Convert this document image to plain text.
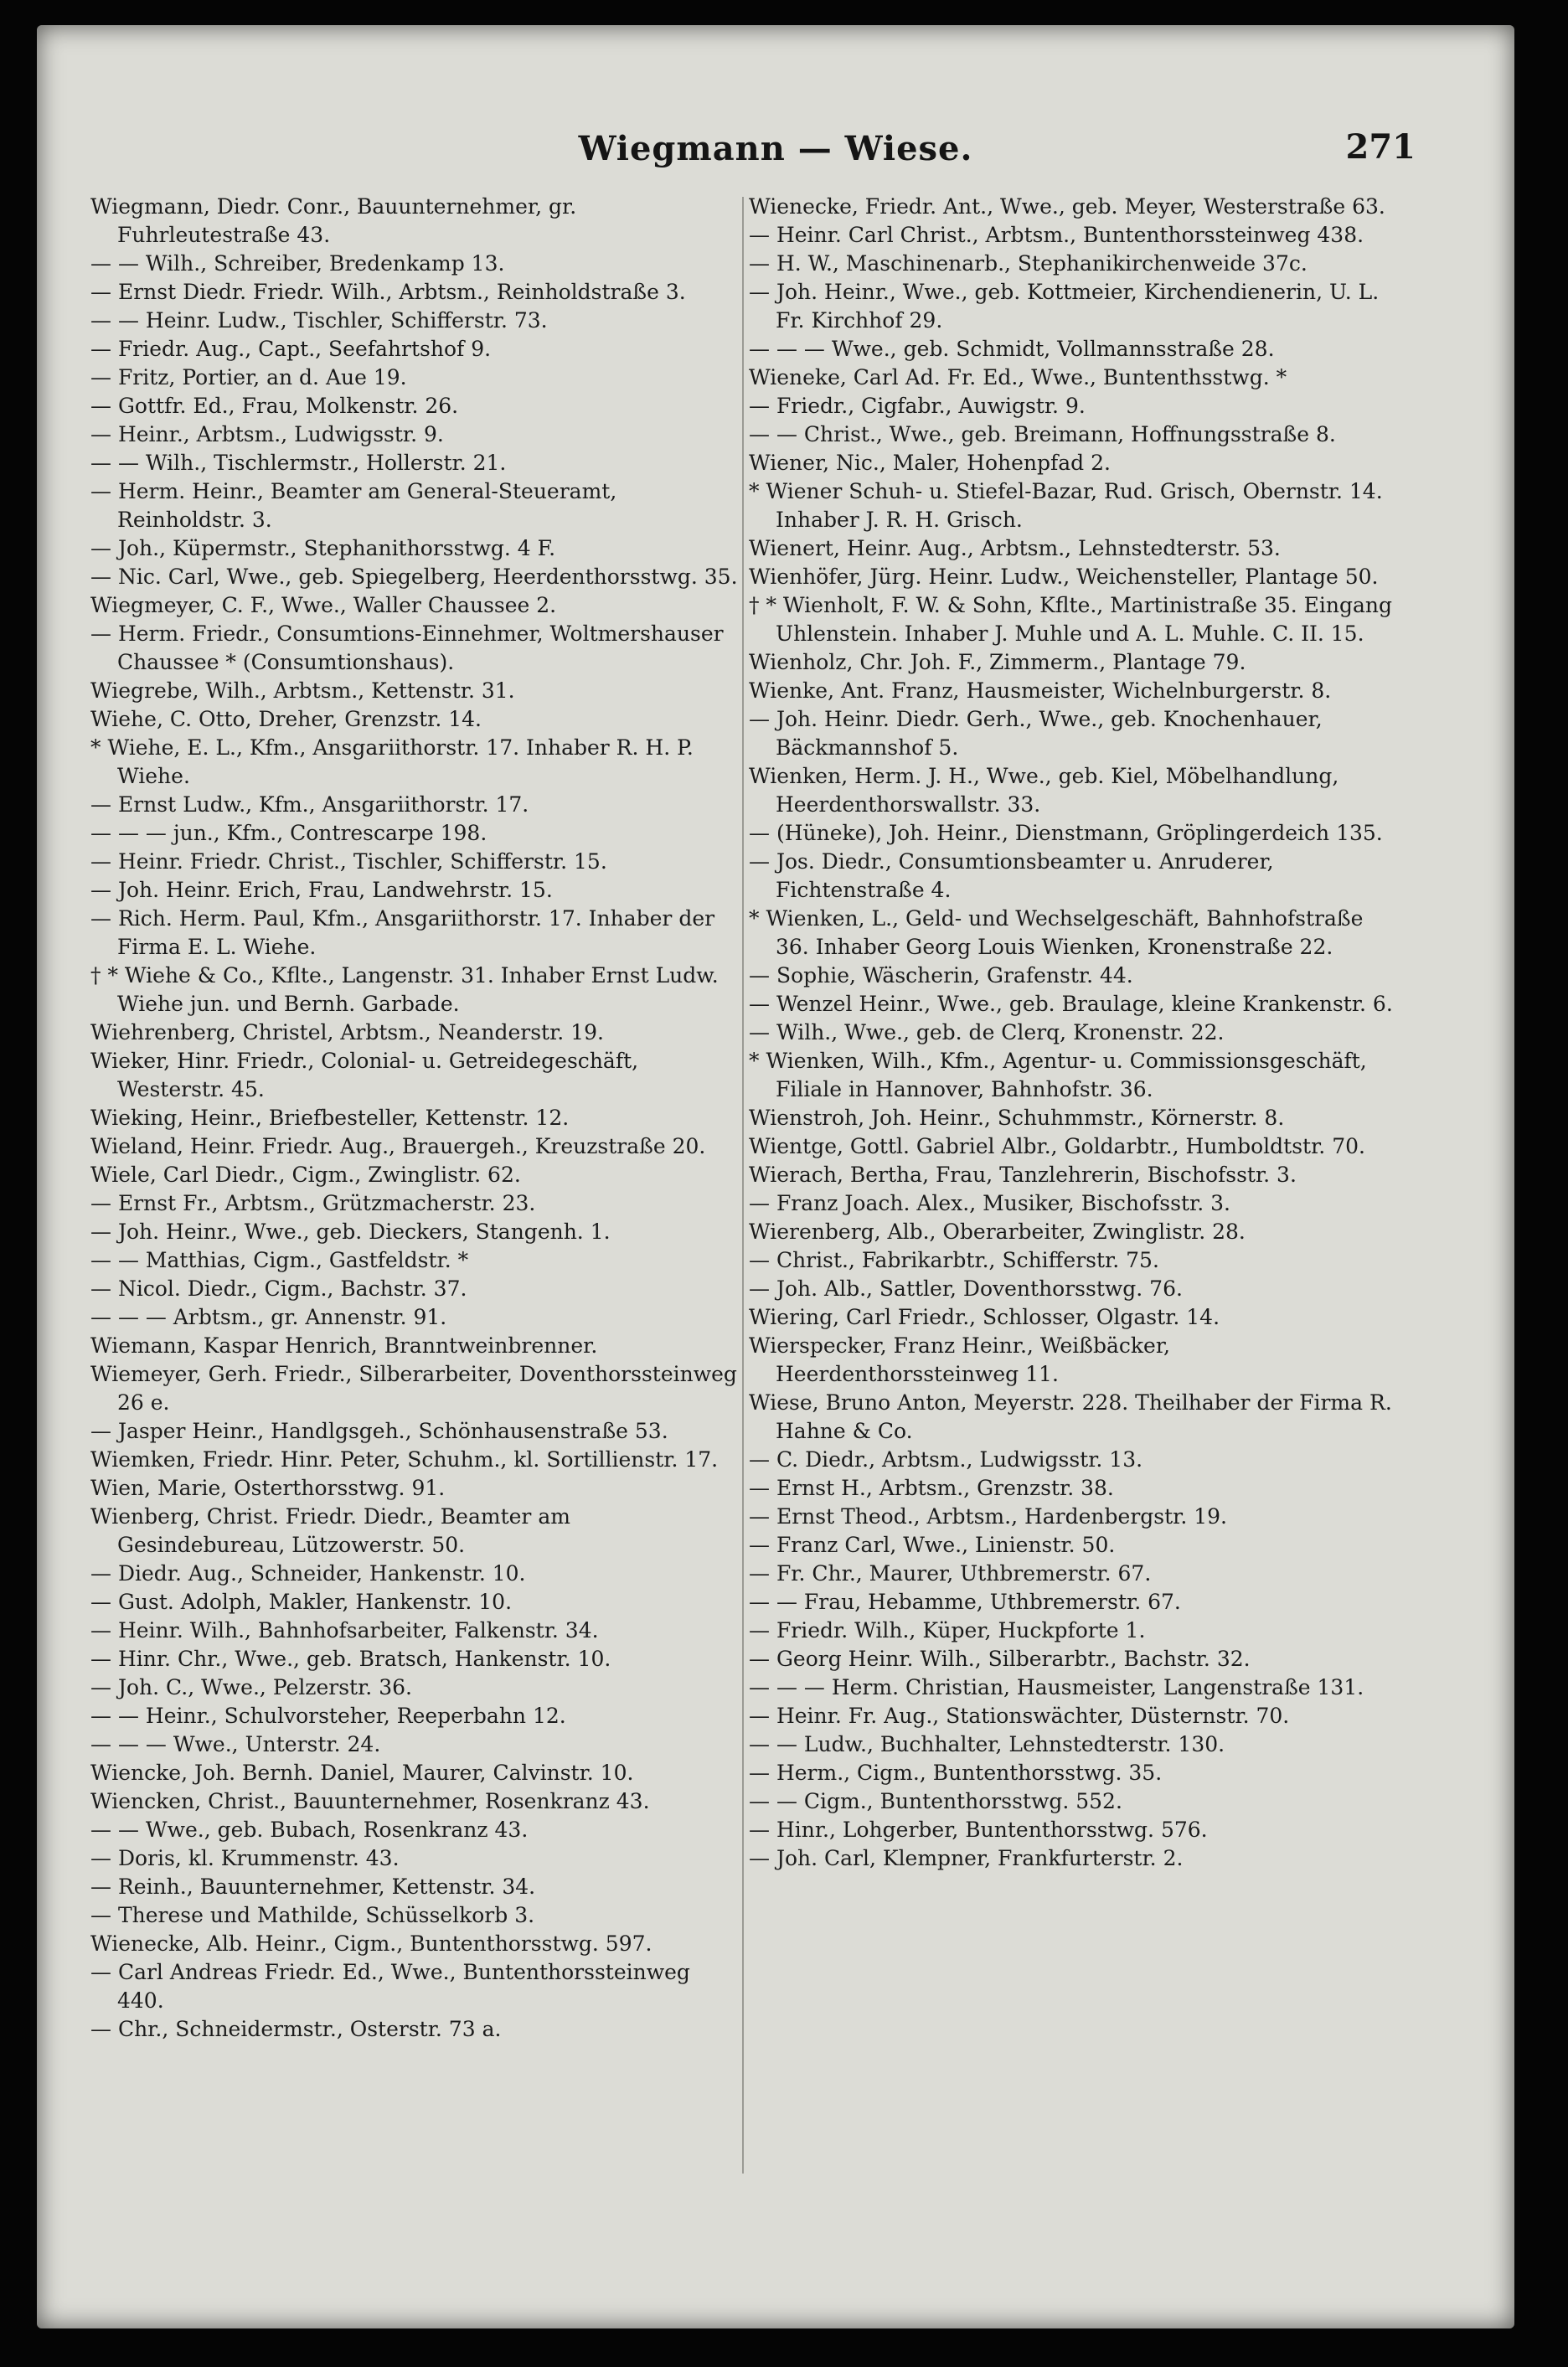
Wiegmann — Wiese.	271
Wiegmann, Diedr. Conr., Bauunternehmer, gr. Fuhrleutestraße 43.
— — Wilh., Schreiber, Bredenkamp 13.
— Ernst Diedr. Friedr. Wilh., Arbtsm., Reinholdstraße 3.
— — Heinr. Ludw., Tischler, Schifferstr. 73.
— Friedr. Aug., Capt., Seefahrtshof 9.
— Fritz, Portier, an d. Aue 19.
— Gottfr. Ed., Frau, Molkenstr. 26.
— Heinr., Arbtsm., Ludwigsstr. 9.
— — Wilh., Tischlermstr., Hollerstr. 21.
— Herm. Heinr., Beamter am General-Steueramt, Reinholdstr. 3.
— Joh., Küpermstr., Stephanithorsstwg. 4 F.
— Nic. Carl, Wwe., geb. Spiegelberg, Heerdenthorsstwg. 35.
Wiegmeyer, C. F., Wwe., Waller Chaussee 2.
— Herm. Friedr., Consumtions-Einnehmer, Woltmershauser Chaussee * (Consumtionshaus).
Wiegrebe, Wilh., Arbtsm., Kettenstr. 31.
Wiehe, C. Otto, Dreher, Grenzstr. 14.
* Wiehe, E. L., Kfm., Ansgariithorstr. 17. Inhaber R. H. P. Wiehe.
— Ernst Ludw., Kfm., Ansgariithorstr. 17.
— — — jun., Kfm., Contrescarpe 198.
— Heinr. Friedr. Christ., Tischler, Schifferstr. 15.
— Joh. Heinr. Erich, Frau, Landwehrstr. 15.
— Rich. Herm. Paul, Kfm., Ansgariithorstr. 17. Inhaber der Firma E. L. Wiehe.
† * Wiehe & Co., Kflte., Langenstr. 31. Inhaber Ernst Ludw. Wiehe jun. und Bernh. Garbade.
Wiehrenberg, Christel, Arbtsm., Neanderstr. 19.
Wieker, Hinr. Friedr., Colonial- u. Getreidegeschäft, Westerstr. 45.
Wieking, Heinr., Briefbesteller, Kettenstr. 12.
Wieland, Heinr. Friedr. Aug., Brauergeh., Kreuzstraße 20.
Wiele, Carl Diedr., Cigm., Zwinglistr. 62.
— Ernst Fr., Arbtsm., Grützmacherstr. 23.
— Joh. Heinr., Wwe., geb. Dieckers, Stangenh. 1.
— — Matthias, Cigm., Gastfeldstr. *
— Nicol. Diedr., Cigm., Bachstr. 37.
— — — Arbtsm., gr. Annenstr. 91.
Wiemann, Kaspar Henrich, Branntweinbrenner.
Wiemeyer, Gerh. Friedr., Silberarbeiter, Doventhorssteinweg 26 e.
— Jasper Heinr., Handlgsgeh., Schönhausenstraße 53.
Wiemken, Friedr. Hinr. Peter, Schuhm., kl. Sortillienstr. 17.
Wien, Marie, Osterthorsstwg. 91.
Wienberg, Christ. Friedr. Diedr., Beamter am Gesindebureau, Lützowerstr. 50.
— Diedr. Aug., Schneider, Hankenstr. 10.
— Gust. Adolph, Makler, Hankenstr. 10.
— Heinr. Wilh., Bahnhofsarbeiter, Falkenstr. 34.
— Hinr. Chr., Wwe., geb. Bratsch, Hankenstr. 10.
— Joh. C., Wwe., Pelzerstr. 36.
— — Heinr., Schulvorsteher, Reeperbahn 12.
— — — Wwe., Unterstr. 24.
Wiencke, Joh. Bernh. Daniel, Maurer, Calvinstr. 10.
Wiencken, Christ., Bauunternehmer, Rosenkranz 43.
— — Wwe., geb. Bubach, Rosenkranz 43.
— Doris, kl. Krummenstr. 43.
— Reinh., Bauunternehmer, Kettenstr. 34.
— Therese und Mathilde, Schüsselkorb 3.
Wienecke, Alb. Heinr., Cigm., Buntenthorsstwg. 597.
— Carl Andreas Friedr. Ed., Wwe., Buntenthorssteinweg 440.
— Chr., Schneidermstr., Osterstr. 73 a.
Wienecke, Friedr. Ant., Wwe., geb. Meyer, Westerstraße 63.
— Heinr. Carl Christ., Arbtsm., Buntenthorssteinweg 438.
— H. W., Maschinenarb., Stephanikirchenweide 37c.
— Joh. Heinr., Wwe., geb. Kottmeier, Kirchendienerin, U. L. Fr. Kirchhof 29.
— — — Wwe., geb. Schmidt, Vollmannsstraße 28.
Wieneke, Carl Ad. Fr. Ed., Wwe., Buntenthsstwg. *
— Friedr., Cigfabr., Auwigstr. 9.
— — Christ., Wwe., geb. Breimann, Hoffnungsstraße 8.
Wiener, Nic., Maler, Hohenpfad 2.
* Wiener Schuh- u. Stiefel-Bazar, Rud. Grisch, Obernstr. 14. Inhaber J. R. H. Grisch.
Wienert, Heinr. Aug., Arbtsm., Lehnstedterstr. 53.
Wienhöfer, Jürg. Heinr. Ludw., Weichensteller, Plantage 50.
† * Wienholt, F. W. & Sohn, Kflte., Martinistraße 35. Eingang Uhlenstein. Inhaber J. Muhle und A. L. Muhle. C. II. 15.
Wienholz, Chr. Joh. F., Zimmerm., Plantage 79.
Wienke, Ant. Franz, Hausmeister, Wichelnburgerstr. 8.
— Joh. Heinr. Diedr. Gerh., Wwe., geb. Knochenhauer, Bäckmannshof 5.
Wienken, Herm. J. H., Wwe., geb. Kiel, Möbelhandlung, Heerdenthorswallstr. 33.
— (Hüneke), Joh. Heinr., Dienstmann, Gröplingerdeich 135.
— Jos. Diedr., Consumtionsbeamter u. Anruderer, Fichtenstraße 4.
* Wienken, L., Geld- und Wechselgeschäft, Bahnhofstraße 36. Inhaber Georg Louis Wienken, Kronenstraße 22.
— Sophie, Wäscherin, Grafenstr. 44.
— Wenzel Heinr., Wwe., geb. Braulage, kleine Krankenstr. 6.
— Wilh., Wwe., geb. de Clerq, Kronenstr. 22.
* Wienken, Wilh., Kfm., Agentur- u. Commissionsgeschäft, Filiale in Hannover, Bahnhofstr. 36.
Wienstroh, Joh. Heinr., Schuhmmstr., Körnerstr. 8.
Wientge, Gottl. Gabriel Albr., Goldarbtr., Humboldtstr. 70.
Wierach, Bertha, Frau, Tanzlehrerin, Bischofsstr. 3.
— Franz Joach. Alex., Musiker, Bischofsstr. 3.
Wierenberg, Alb., Oberarbeiter, Zwinglistr. 28.
— Christ., Fabrikarbtr., Schifferstr. 75.
— Joh. Alb., Sattler, Doventhorsstwg. 76.
Wiering, Carl Friedr., Schlosser, Olgastr. 14.
Wierspecker, Franz Heinr., Weißbäcker, Heerdenthorssteinweg 11.
Wiese, Bruno Anton, Meyerstr. 228. Theilhaber der Firma R. Hahne & Co.
— C. Diedr., Arbtsm., Ludwigsstr. 13.
— Ernst H., Arbtsm., Grenzstr. 38.
— Ernst Theod., Arbtsm., Hardenbergstr. 19.
— Franz Carl, Wwe., Linienstr. 50.
— Fr. Chr., Maurer, Uthbremerstr. 67.
— — Frau, Hebamme, Uthbremerstr. 67.
— Friedr. Wilh., Küper, Huckpforte 1.
— Georg Heinr. Wilh., Silberarbtr., Bachstr. 32.
— — — Herm. Christian, Hausmeister, Langenstraße 131.
— Heinr. Fr. Aug., Stationswächter, Düsternstr. 70.
— — Ludw., Buchhalter, Lehnstedterstr. 130.
— Herm., Cigm., Buntenthorsstwg. 35.
— — Cigm., Buntenthorsstwg. 552.
— Hinr., Lohgerber, Buntenthorsstwg. 576.
— Joh. Carl, Klempner, Frankfurterstr. 2.
